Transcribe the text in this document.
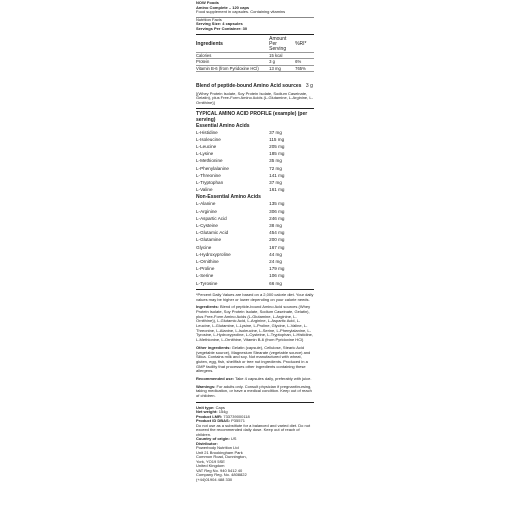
NOW Foods
Amino Complete – 120 caps
Food supplement in capsules. Containing vitamins
Nutrition Facts
Serving Size: 4 capsules
Servings Per Container: 30
Ingredients	Amount Per Serving	%RI*
Calories	15 kcal	
Protein	3 g	6%
Vitamin B-6 (from Pyridoxine HCl)	13 mg	765%
Blend of peptide-bound Amino Acid sources 3 g
[(Whey Protein Isolate, Soy Protein Isolate, Sodium Caseinate, Gelatin), plus Free-Form Amino Acids (L-Glutamine, L-Arginine, L-Ornithine)]
TYPICAL AMINO ACID PROFILE (example) (per serving)
Essential Amino Acids
L-Histidine	37 mg
L-Isoleucine	115 mg
L-Leucine	205 mg
L-Lysine	185 mg
L-Methionine	35 mg
L-Phenylalanine	72 mg
L-Threonine	141 mg
L-Tryptophan	37 mg
L-Valine	161 mg
Non-Essential Amino Acids
L-Alanine	135 mg
L-Arginine	306 mg
L-Aspartic Acid	246 mg
L-Cysteine	38 mg
L-Glutamic Acid	454 mg
L-Glutamine	200 mg
Glycine	167 mg
L-Hydroxyproline	44 mg
L-Ornithine	24 mg
L-Proline	179 mg
L-Serine	106 mg
L-Tyrosine	66 mg
*Percent Daily Values are based on a 2,000 calorie diet. Your daily values may be higher or lower depending on your calorie needs.
Ingredients: Blend of peptide-bound Amino Acid sources (Whey Protein Isolate, Soy Protein Isolate, Sodium Caseinate, Gelatin), plus Free-Form Amino Acids (L-Glutamine, L-Arginine, L-Ornithine)), L-Glutamic Acid, L-Arginine, L-Aspartic Acid, L-Leucine, L-Glutamine, L-Lysine, L-Proline, Glycine, L-Valine, L-Threonine, L-Alanine, L-Isoleucine, L-Serine, L-Phenylalanine, L-Tyrosine, L-Hydroxyproline, L-Cysteine, L-Tryptophan, L-Histidine, L-Methionine, L-Ornithine, Vitamin B-6 (from Pyridoxine HCl)
Other ingredients: Gelatin (capsule), Cellulose, Stearic Acid (vegetable source), Magnesium Stearate (vegetable source) and Silica. Contains milk and soy. Not manufactured with wheat, gluten, egg, fish, shellfish or tree nut ingredients. Produced in a GMP facility that processes other ingredients containing these allergens.
Recommended use: Take 4 capsules daily, preferably with juice.
Warnings: For adults only. Consult physician if pregnant/nursing, taking medication, or have a medical condition. Keep out of reach of children.
Unit type: Caps
Net weight: 154g
Product LMR: 733739000118
Product ID DBAS: P35571
Do not use as a substitute for a balanced and varied diet. Do not exceed the recommended daily dose. Keep out of reach of children.
Country of origin: US
Distributor:
Powerbody Nutrition Ltd
Unit 21 Brookingham Park
Common Road, Dunnington,
York, YO19 5SE
United Kingdom
VAT Reg No. 940 5412 40
Company Reg. No. 4808822
(+44)01904 488 330
